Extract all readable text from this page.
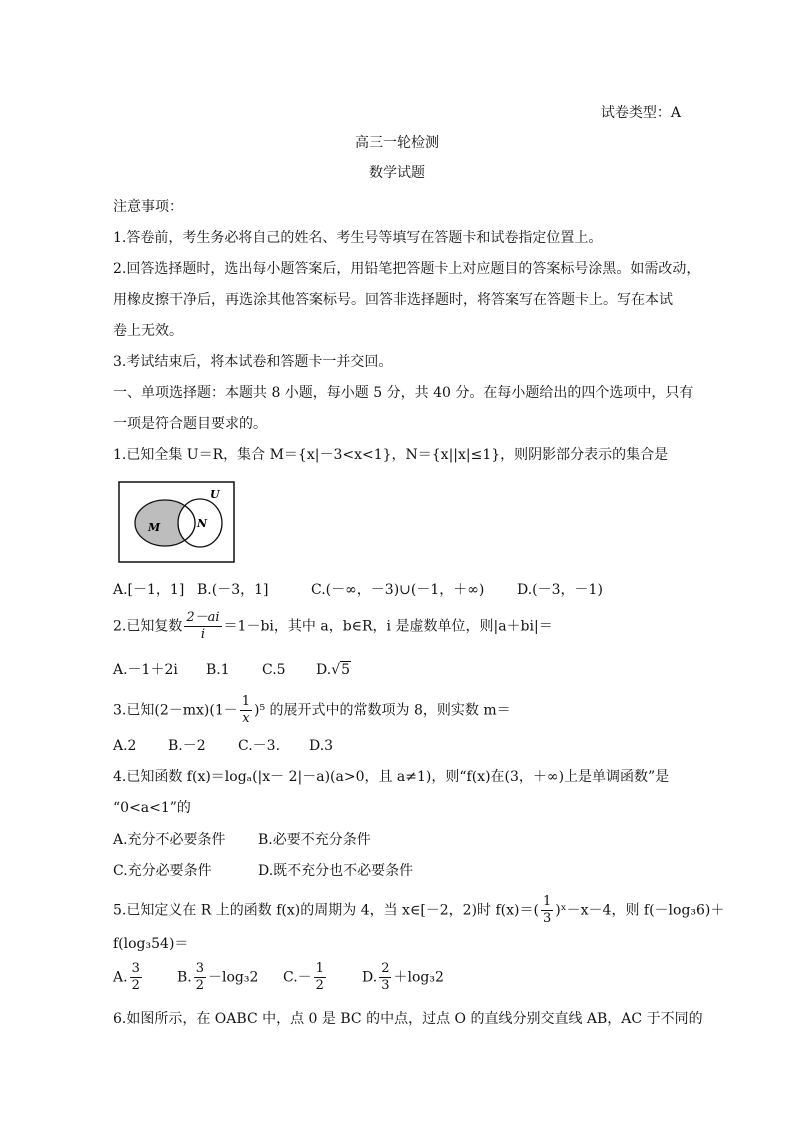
试卷类型：A
高三一轮检测
数学试题
注意事项：
1.答卷前，考生务必将自己的姓名、考生号等填写在答题卡和试卷指定位置上。
2.回答选择题时，选出每小题答案后，用铅笔把答题卡上对应题目的答案标号涂黑。如需改动，
用橡皮擦干净后，再选涂其他答案标号。回答非选择题时，将答案写在答题卡上。写在本试
卷上无效。
3.考试结束后，将本试卷和答题卡一并交回。
一、单项选择题：本题共 8 小题，每小题 5 分，共 40 分。在每小题给出的四个选项中，只有
一项是符合题目要求的。
1.已知全集 U＝R，集合 M＝{x|－3<x<1}，N＝{x||x|≤1}，则阴影部分表示的集合是
U
M	N
A.[－1，1] B.(－3，1]	C.(－∞，－3)∪(－1，＋∞) D.(－3，－1)
2.已知复数 $\frac{2-ai}{i} =1-bi$，其中 a，b∈R，i 是虚数单位，则|a＋bi|＝
A.－1＋2i B.1 C.5 D.√5
3.已知$(2-mx)(1- \frac{1}{x} )^5$ 的展开式中的常数项为 8，则实数 m＝
A.2 B.－2 C.－3. D.3
4.已知函数 f(x)＝logₐ(|x－ 2|－a)(a>0，且 a≠1)，则“f(x)在(3，＋∞)上是单调函数”是
“0<a<1”的
A.充分不必要条件 B.必要不充分条件
C.充分必要条件	D.既不充分也不必要条件
5.已知定义在 R 上的函数 f(x)的周期为 4，当 x∈[－2，2)时 $f(x)=( \frac{1}{3}$ )ˣ－x－4，则 f(－log₃6)＋
f(log₃54)＝
A. $\frac{3}{2}$	B. $\frac{3}{2} -\log_32$ $C.- \frac{1}{2}$	D. $\frac{2}{3} +\log_32$
6.如图所示，在 OABC 中，点 0 是 BC 的中点，过点 O 的直线分别交直线 AB，AC 于不同的
